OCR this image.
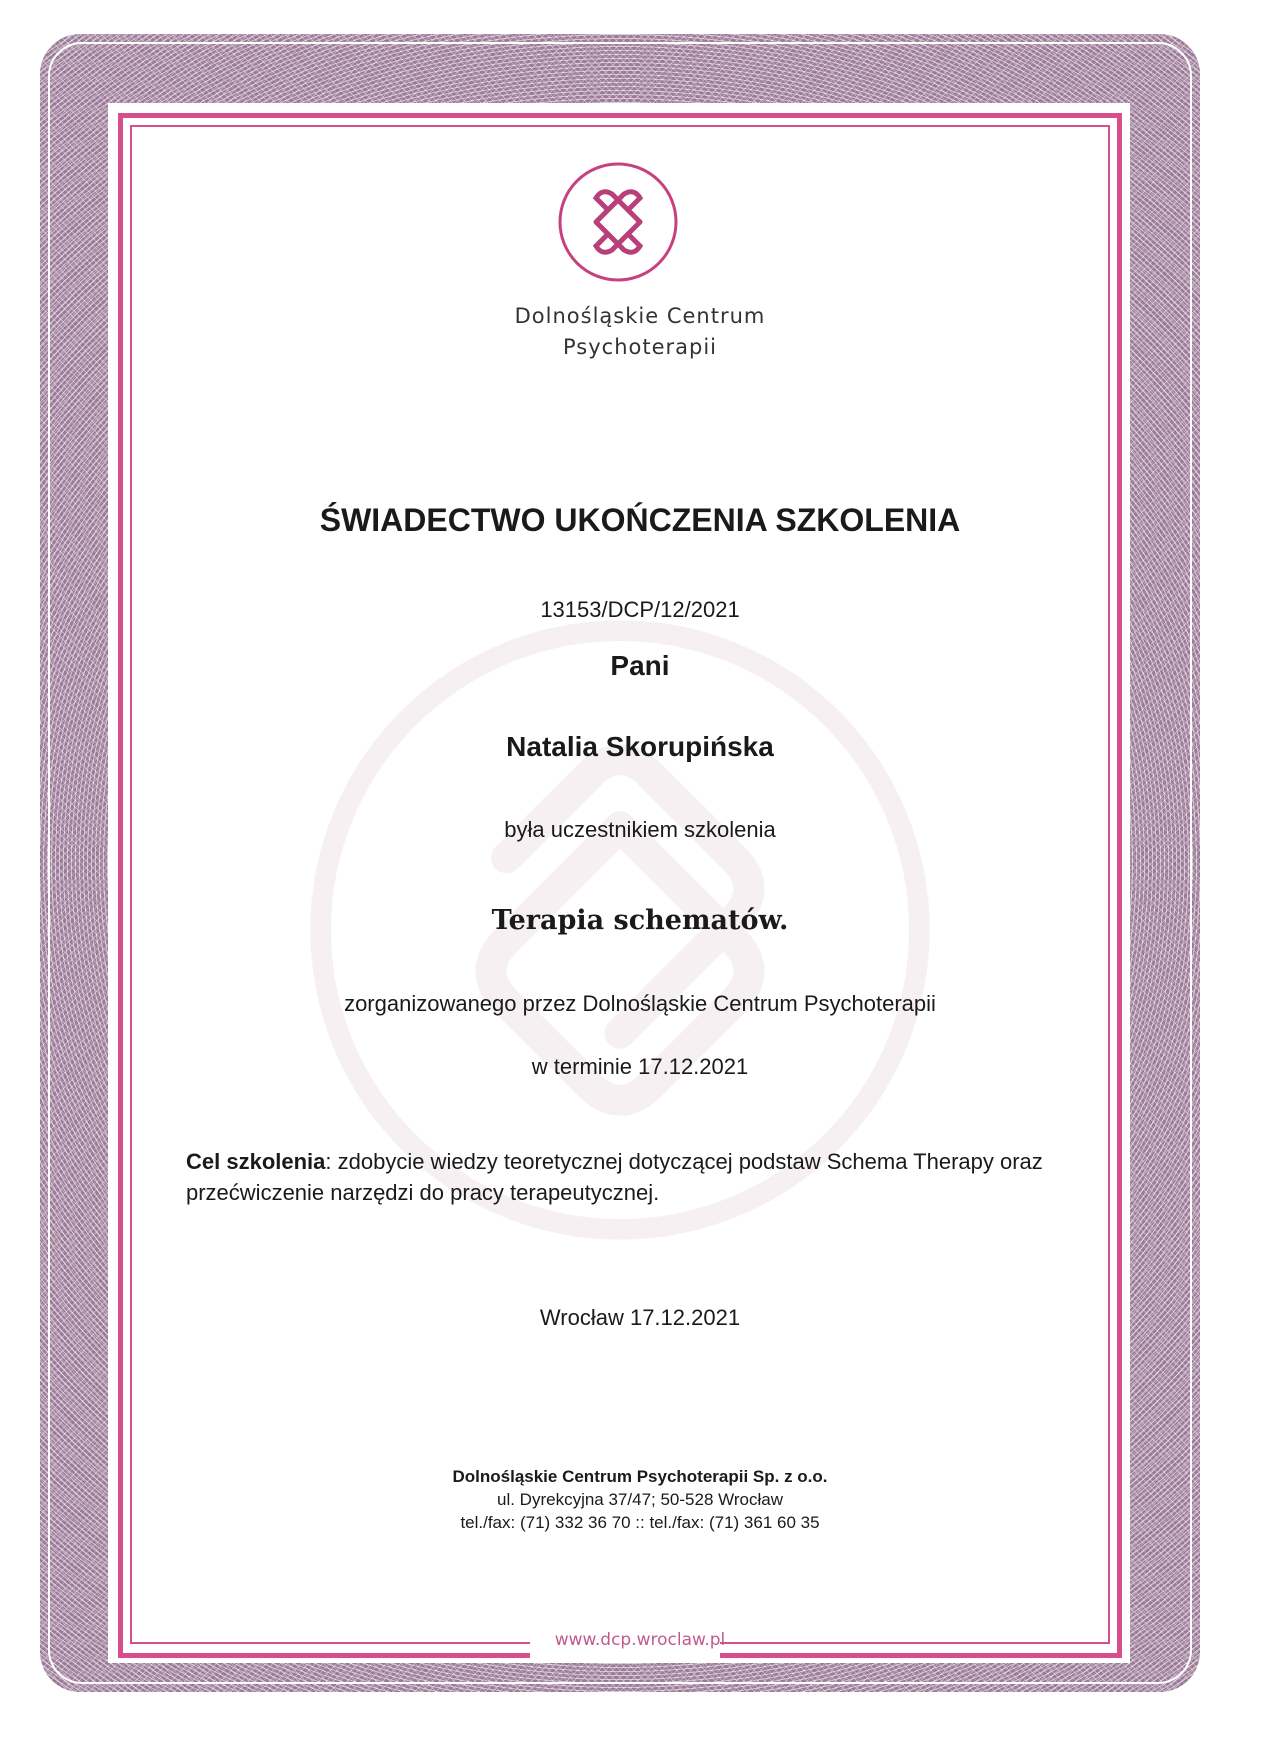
Dolnośląskie Centrum
Psychoterapii
ŚWIADECTWO UKOŃCZENIA SZKOLENIA
13153/DCP/12/2021
Pani
Natalia Skorupińska
była uczestnikiem szkolenia
Terapia schematów.
zorganizowanego przez Dolnośląskie Centrum Psychoterapii
w terminie 17.12.2021
Cel szkolenia: zdobycie wiedzy teoretycznej dotyczącej podstaw Schema Therapy oraz przećwiczenie narzędzi do pracy terapeutycznej.
Wrocław 17.12.2021
Dolnośląskie Centrum Psychoterapii Sp. z o.o.
ul. Dyrekcyjna 37/47; 50-528 Wrocław
tel./fax: (71) 332 36 70 :: tel./fax: (71) 361 60 35
www.dcp.wroclaw.pl
